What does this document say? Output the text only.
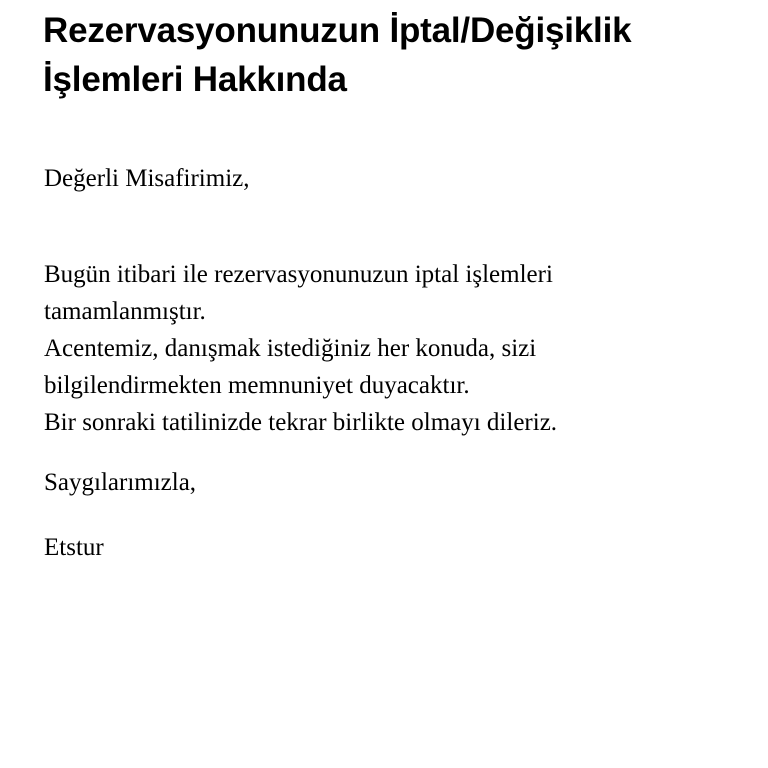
Rezervasyonunuzun İptal/Değişiklik
İşlemleri Hakkında

Değerli Misafirimiz,

Bugün itibari ile rezervasyonunuzun iptal işlemleri
tamamlanmıştır.
Acentemiz, danışmak istediğiniz her konuda, sizi
bilgilendirmekten memnuniyet duyacaktır.
Bir sonraki tatilinizde tekrar birlikte olmayı dileriz.

Saygılarımızla,

Etstur
